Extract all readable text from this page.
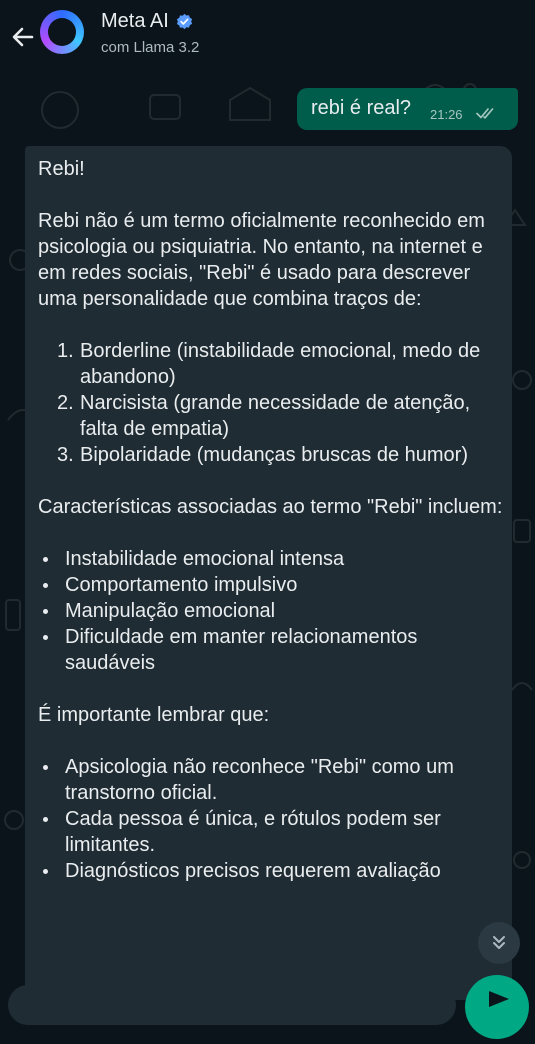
Meta AI
com Llama 3.2
rebi é real? 21:26

Rebi!

Rebi não é um termo oficialmente reconhecido em psicologia ou psiquiatria. No entanto, na internet e em redes sociais, "Rebi" é usado para descrever uma personalidade que combina traços de:

1. Borderline (instabilidade emocional, medo de abandono)
2. Narcisista (grande necessidade de atenção, falta de empatia)
3. Bipolaridade (mudanças bruscas de humor)

Características associadas ao termo "Rebi" incluem:

Instabilidade emocional intensa
Comportamento impulsivo
Manipulação emocional
Dificuldade em manter relacionamentos saudáveis

É importante lembrar que:

Apsicologia não reconhece "Rebi" como um transtorno oficial.
Cada pessoa é única, e rótulos podem ser limitantes.
Diagnósticos precisos requerem avaliação
